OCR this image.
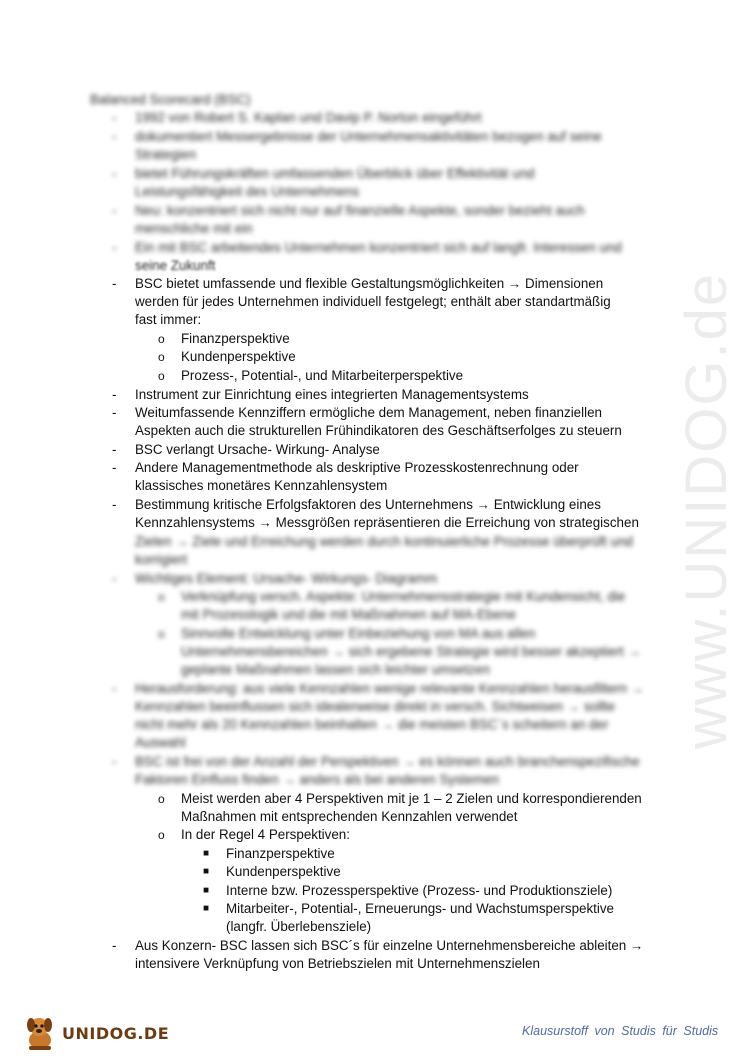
www.UNIDOG.de
Balanced Scorecard (BSC)
- 1992 von Robert S. Kaplan und Davip P. Norton eingeführt
- dokumentiert Messergebnisse der Unternehmensaktivitäten bezogen auf seine
Strategien
- bietet Führungskräften umfassenden Überblick über Effektivität und
Leistungsfähigkeit des Unternehmens
- Neu: konzentriert sich nicht nur auf finanzielle Aspekte, sonder bezieht auch
menschliche mit ein
- Ein mit BSC arbeitendes Unternehmen konzentriert sich auf langfr. Interessen und
seine Zukunft
- BSC bietet umfassende und flexible Gestaltungsmöglichkeiten → Dimensionen
werden für jedes Unternehmen individuell festgelegt; enthält aber standartmäßig
fast immer:
o Finanzperspektive
o Kundenperspektive
o Prozess-, Potential-, und Mitarbeiterperspektive
- Instrument zur Einrichtung eines integrierten Managementsystems
- Weitumfassende Kennziffern ermögliche dem Management, neben finanziellen
Aspekten auch die strukturellen Frühindikatoren des Geschäftserfolges zu steuern
- BSC verlangt Ursache- Wirkung- Analyse
- Andere Managementmethode als deskriptive Prozesskostenrechnung oder
klassisches monetäres Kennzahlensystem
- Bestimmung kritische Erfolgsfaktoren des Unternehmens → Entwicklung eines
Kennzahlensystems → Messgrößen repräsentieren die Erreichung von strategischen
Zielen → Ziele und Erreichung werden durch kontinuierliche Prozesse überprüft und
korrigiert
- Wichtiges Element: Ursache- Wirkungs- Diagramm
o Verknüpfung versch. Aspekte: Unternehmensstrategie mit Kundensicht, die
mit Prozesslogik und die mit Maßnahmen auf MA-Ebene
o Sinnvolle Entwicklung unter Einbeziehung von MA aus allen
Unternehmensbereichen → sich ergebene Strategie wird besser akzeptiert →
geplante Maßnahmen lassen sich leichter umsetzen
- Herausforderung: aus viele Kennzahlen wenige relevante Kennzahlen herausfiltern →
Kennzahlen beeinflussen sich idealerweise direkt in versch. Sichtweisen → sollte
nicht mehr als 20 Kennzahlen beinhalten → die meisten BSC´s scheitern an der
Auswahl
- BSC ist frei von der Anzahl der Perspektiven → es können auch branchenspezifische
Faktoren Einfluss finden → anders als bei anderen Systemen
o Meist werden aber 4 Perspektiven mit je 1 – 2 Zielen und korrespondierenden
Maßnahmen mit entsprechenden Kennzahlen verwendet
o In der Regel 4 Perspektiven:
■ Finanzperspektive
■ Kundenperspektive
■ Interne bzw. Prozessperspektive (Prozess- und Produktionsziele)
■ Mitarbeiter-, Potential-, Erneuerungs- und Wachstumsperspektive
(langfr. Überlebensziele)
- Aus Konzern- BSC lassen sich BSC´s für einzelne Unternehmensbereiche ableiten →
intensivere Verknüpfung von Betriebszielen mit Unternehmenszielen
UNIDOG.DE	Klausurstoff von Studis für Studis
